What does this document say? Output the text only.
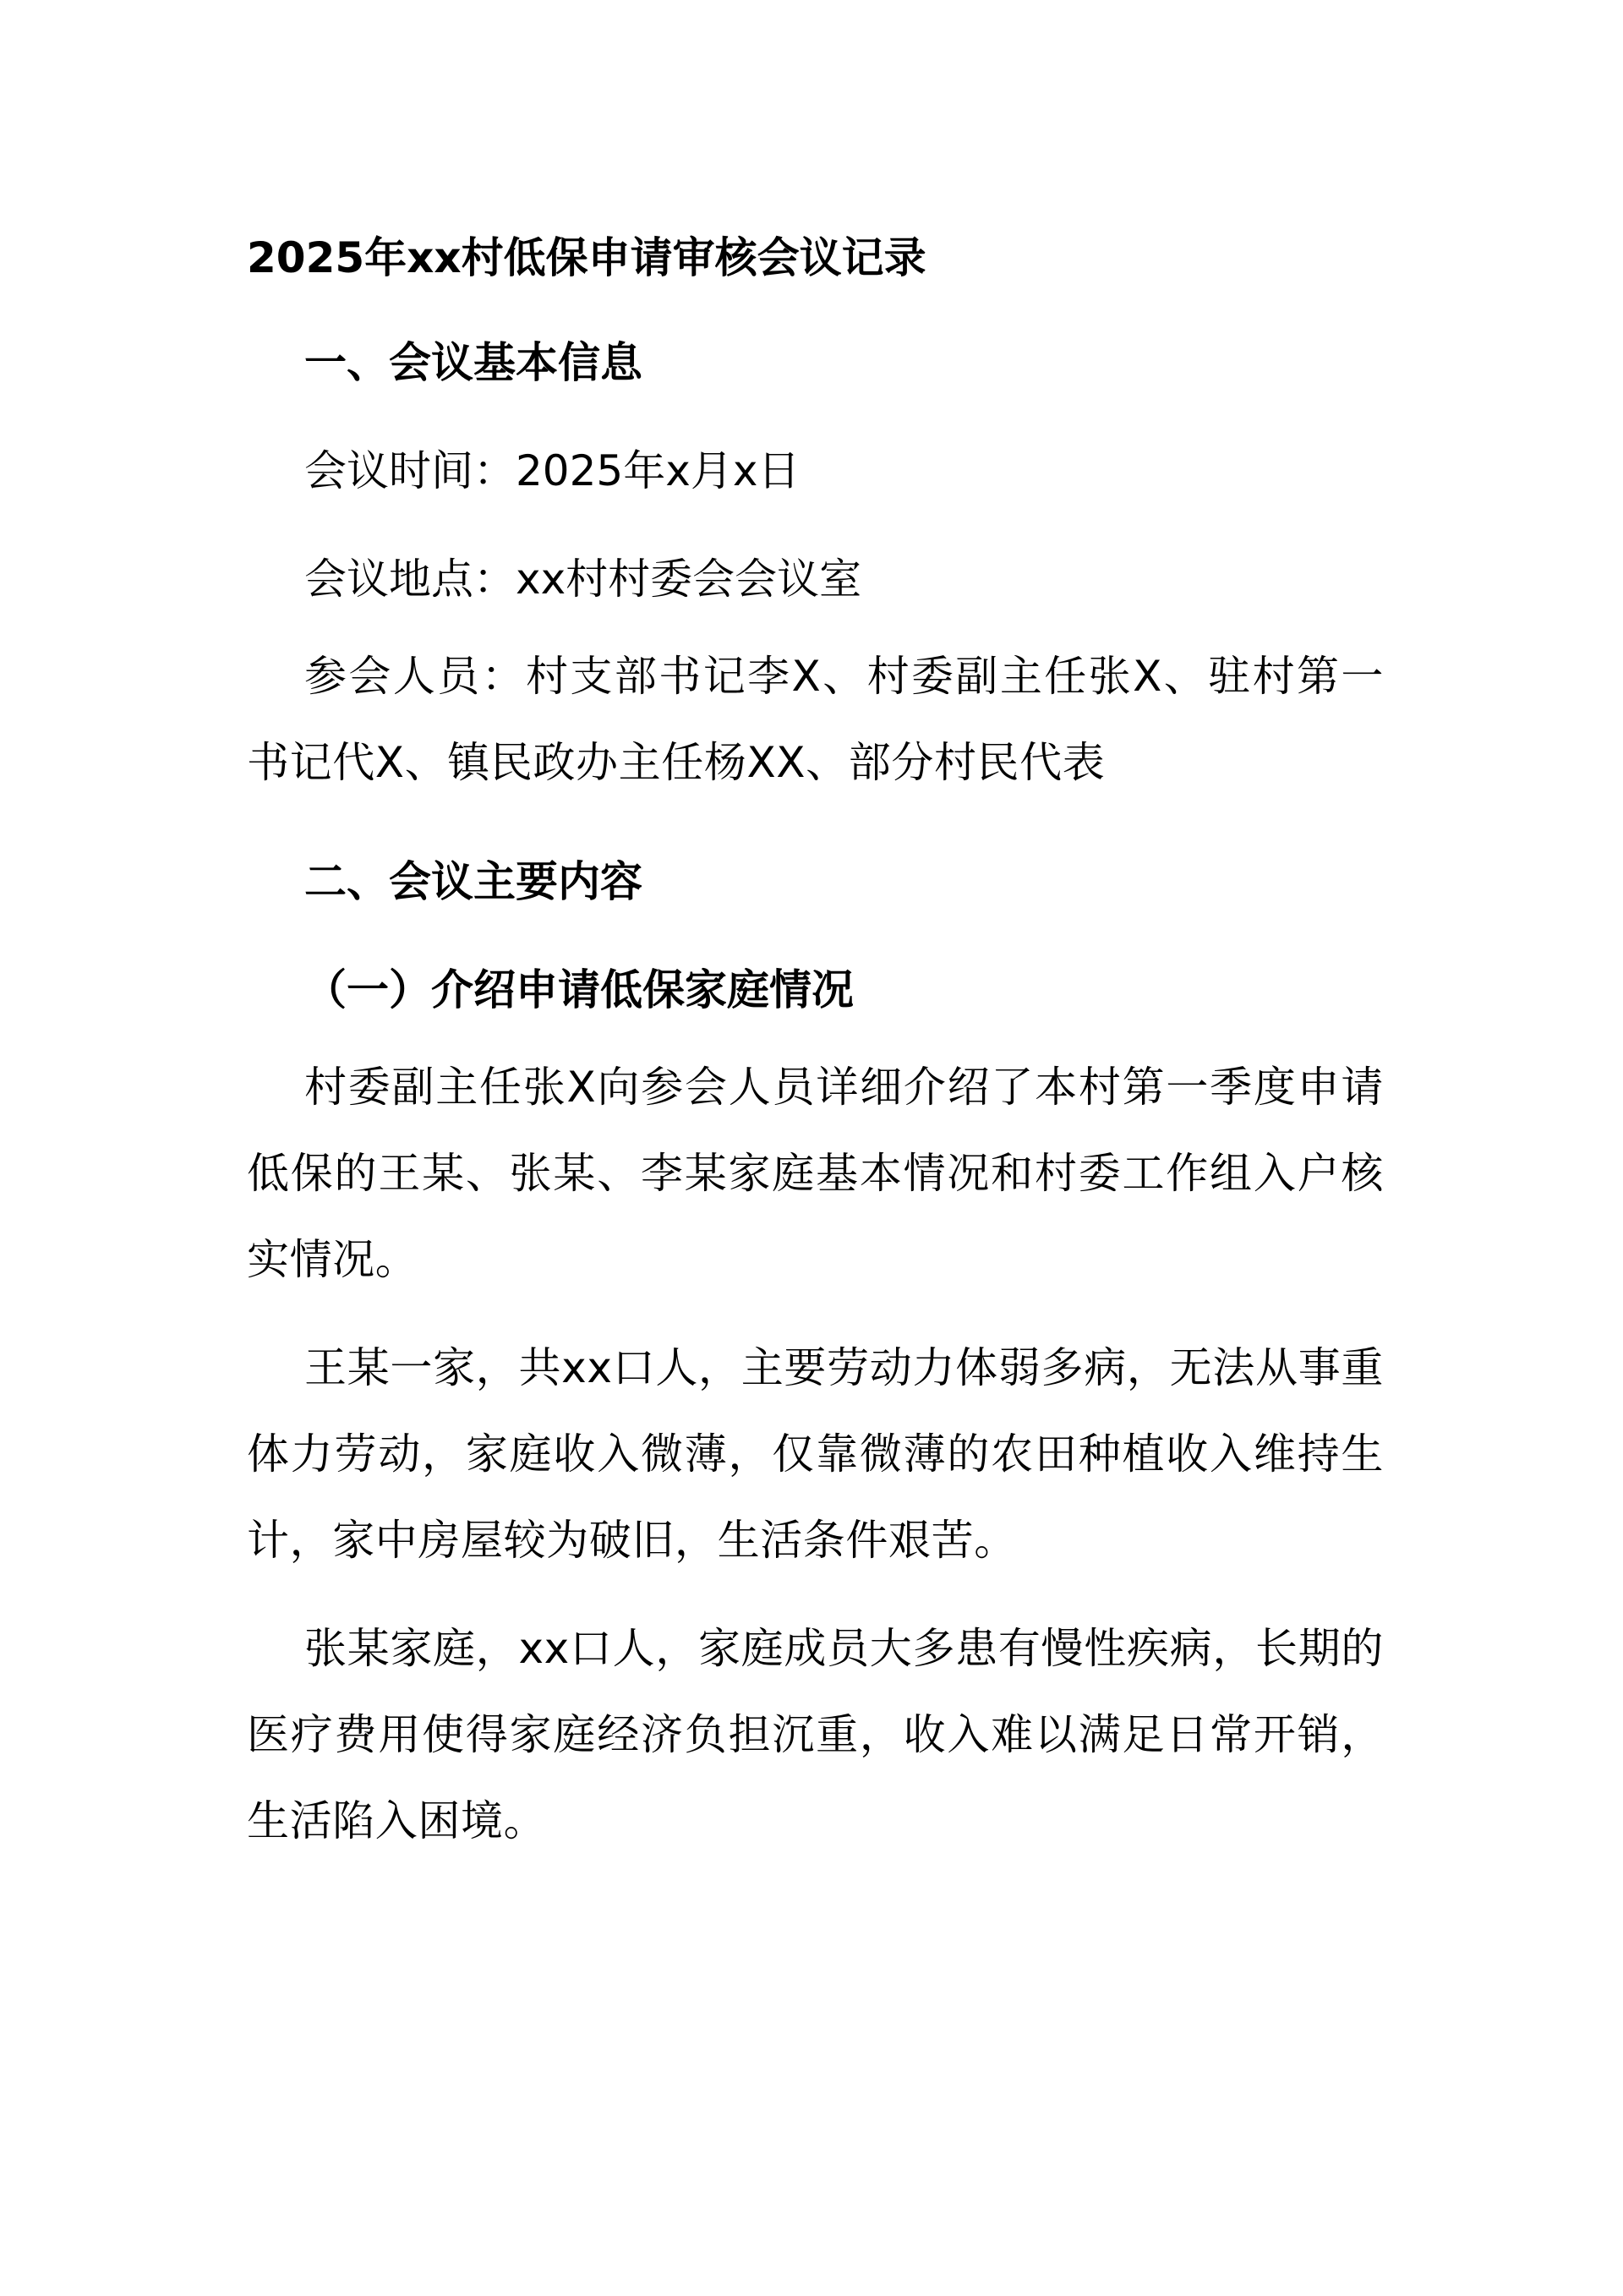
2025年xx村低保申请审核会议记录
一、会议基本信息

会议时间：2025年x月x日

会议地点：xx村村委会会议室

参会人员：村支部书记李X、村委副主任张X、驻村第一书记代X、镇民政办主任杨XX、部分村民代表

二、会议主要内容
（一）介绍申请低保家庭情况

村委副主任张X向参会人员详细介绍了本村第一季度申请低保的王某、张某、李某家庭基本情况和村委工作组入户核实情况。

王某一家，共xx口人，主要劳动力体弱多病，无法从事重体力劳动，家庭收入微薄，仅靠微薄的农田种植收入维持生计，家中房屋较为破旧，生活条件艰苦。

张某家庭，xx口人，家庭成员大多患有慢性疾病，长期的医疗费用使得家庭经济负担沉重，收入难以满足日常开销，生活陷入困境。
